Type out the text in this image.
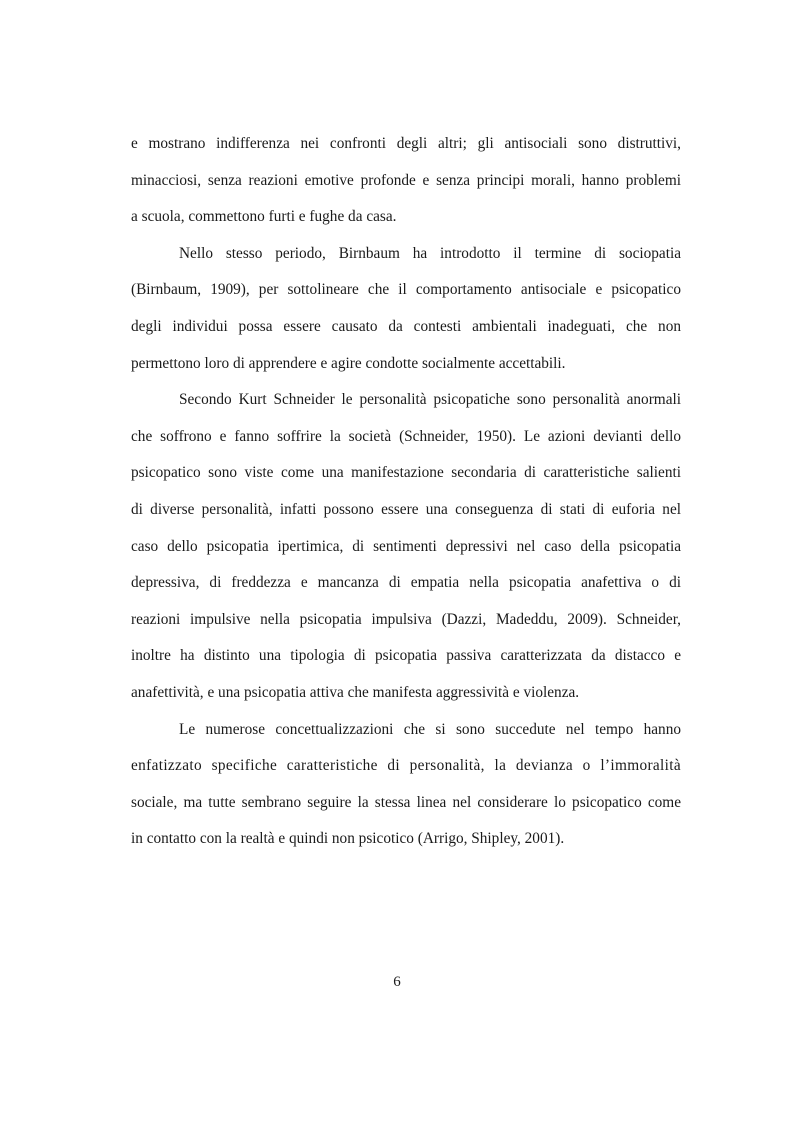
e mostrano indifferenza nei confronti degli altri; gli antisociali sono distruttivi,
minacciosi, senza reazioni emotive profonde e senza principi morali, hanno problemi
a scuola, commettono furti e fughe da casa.
Nello stesso periodo, Birnbaum ha introdotto il termine di sociopatia
(Birnbaum, 1909), per sottolineare che il comportamento antisociale e psicopatico
degli individui possa essere causato da contesti ambientali inadeguati, che non
permettono loro di apprendere e agire condotte socialmente accettabili.
Secondo Kurt Schneider le personalità psicopatiche sono personalità anormali
che soffrono e fanno soffrire la società (Schneider, 1950). Le azioni devianti dello
psicopatico sono viste come una manifestazione secondaria di caratteristiche salienti
di diverse personalità, infatti possono essere una conseguenza di stati di euforia nel
caso dello psicopatia ipertimica, di sentimenti depressivi nel caso della psicopatia
depressiva, di freddezza e mancanza di empatia nella psicopatia anafettiva o di
reazioni impulsive nella psicopatia impulsiva (Dazzi, Madeddu, 2009). Schneider,
inoltre ha distinto una tipologia di psicopatia passiva caratterizzata da distacco e
anafettività, e una psicopatia attiva che manifesta aggressività e violenza.
Le numerose concettualizzazioni che si sono succedute nel tempo hanno
enfatizzato specifiche caratteristiche di personalità, la devianza o l’immoralità
sociale, ma tutte sembrano seguire la stessa linea nel considerare lo psicopatico come
in contatto con la realtà e quindi non psicotico (Arrigo, Shipley, 2001).
6
